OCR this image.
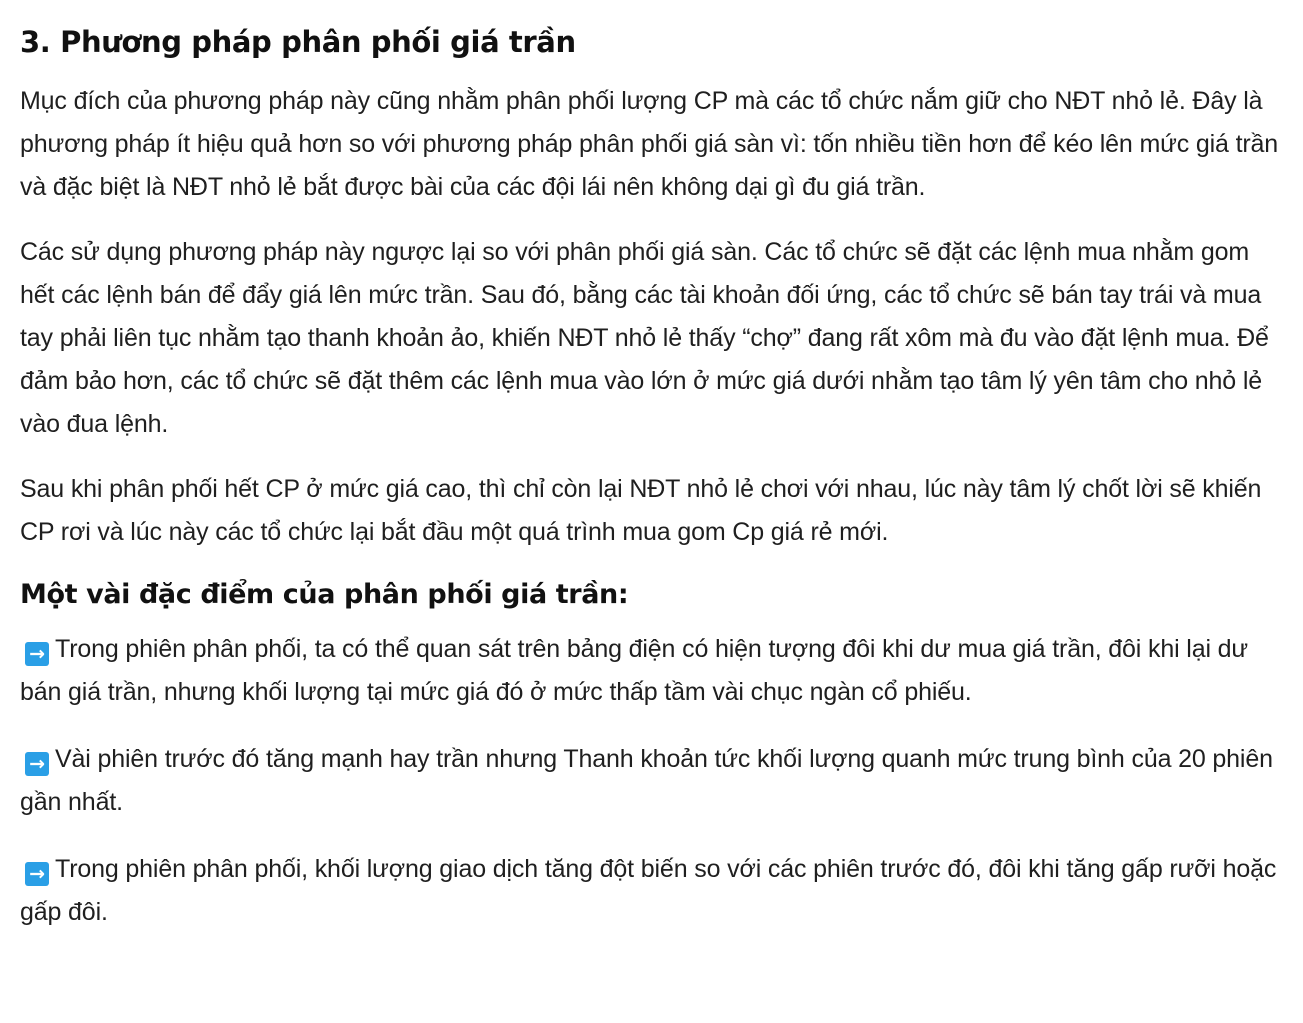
3. Phương pháp phân phối giá trần

Mục đích của phương pháp này cũng nhằm phân phối lượng CP mà các tổ chức nắm giữ cho NĐT nhỏ lẻ. Đây là phương pháp ít hiệu quả hơn so với phương pháp phân phối giá sàn vì: tốn nhiều tiền hơn để kéo lên mức giá trần và đặc biệt là NĐT nhỏ lẻ bắt được bài của các đội lái nên không dại gì đu giá trần.

Các sử dụng phương pháp này ngược lại so với phân phối giá sàn. Các tổ chức sẽ đặt các lệnh mua nhằm gom hết các lệnh bán để đẩy giá lên mức trần. Sau đó, bằng các tài khoản đối ứng, các tổ chức sẽ bán tay trái và mua tay phải liên tục nhằm tạo thanh khoản ảo, khiến NĐT nhỏ lẻ thấy “chợ” đang rất xôm mà đu vào đặt lệnh mua. Để đảm bảo hơn, các tổ chức sẽ đặt thêm các lệnh mua vào lớn ở mức giá dưới nhằm tạo tâm lý yên tâm cho nhỏ lẻ vào đua lệnh.

Sau khi phân phối hết CP ở mức giá cao, thì chỉ còn lại NĐT nhỏ lẻ chơi với nhau, lúc này tâm lý chốt lời sẽ khiến CP rơi và lúc này các tổ chức lại bắt đầu một quá trình mua gom Cp giá rẻ mới.

Một vài đặc điểm của phân phối giá trần:

→ Trong phiên phân phối, ta có thể quan sát trên bảng điện có hiện tượng đôi khi dư mua giá trần, đôi khi lại dư bán giá trần, nhưng khối lượng tại mức giá đó ở mức thấp tầm vài chục ngàn cổ phiếu.

→ Vài phiên trước đó tăng mạnh hay trần nhưng Thanh khoản tức khối lượng quanh mức trung bình của 20 phiên gần nhất.

→ Trong phiên phân phối, khối lượng giao dịch tăng đột biến so với các phiên trước đó, đôi khi tăng gấp rưỡi hoặc gấp đôi.
